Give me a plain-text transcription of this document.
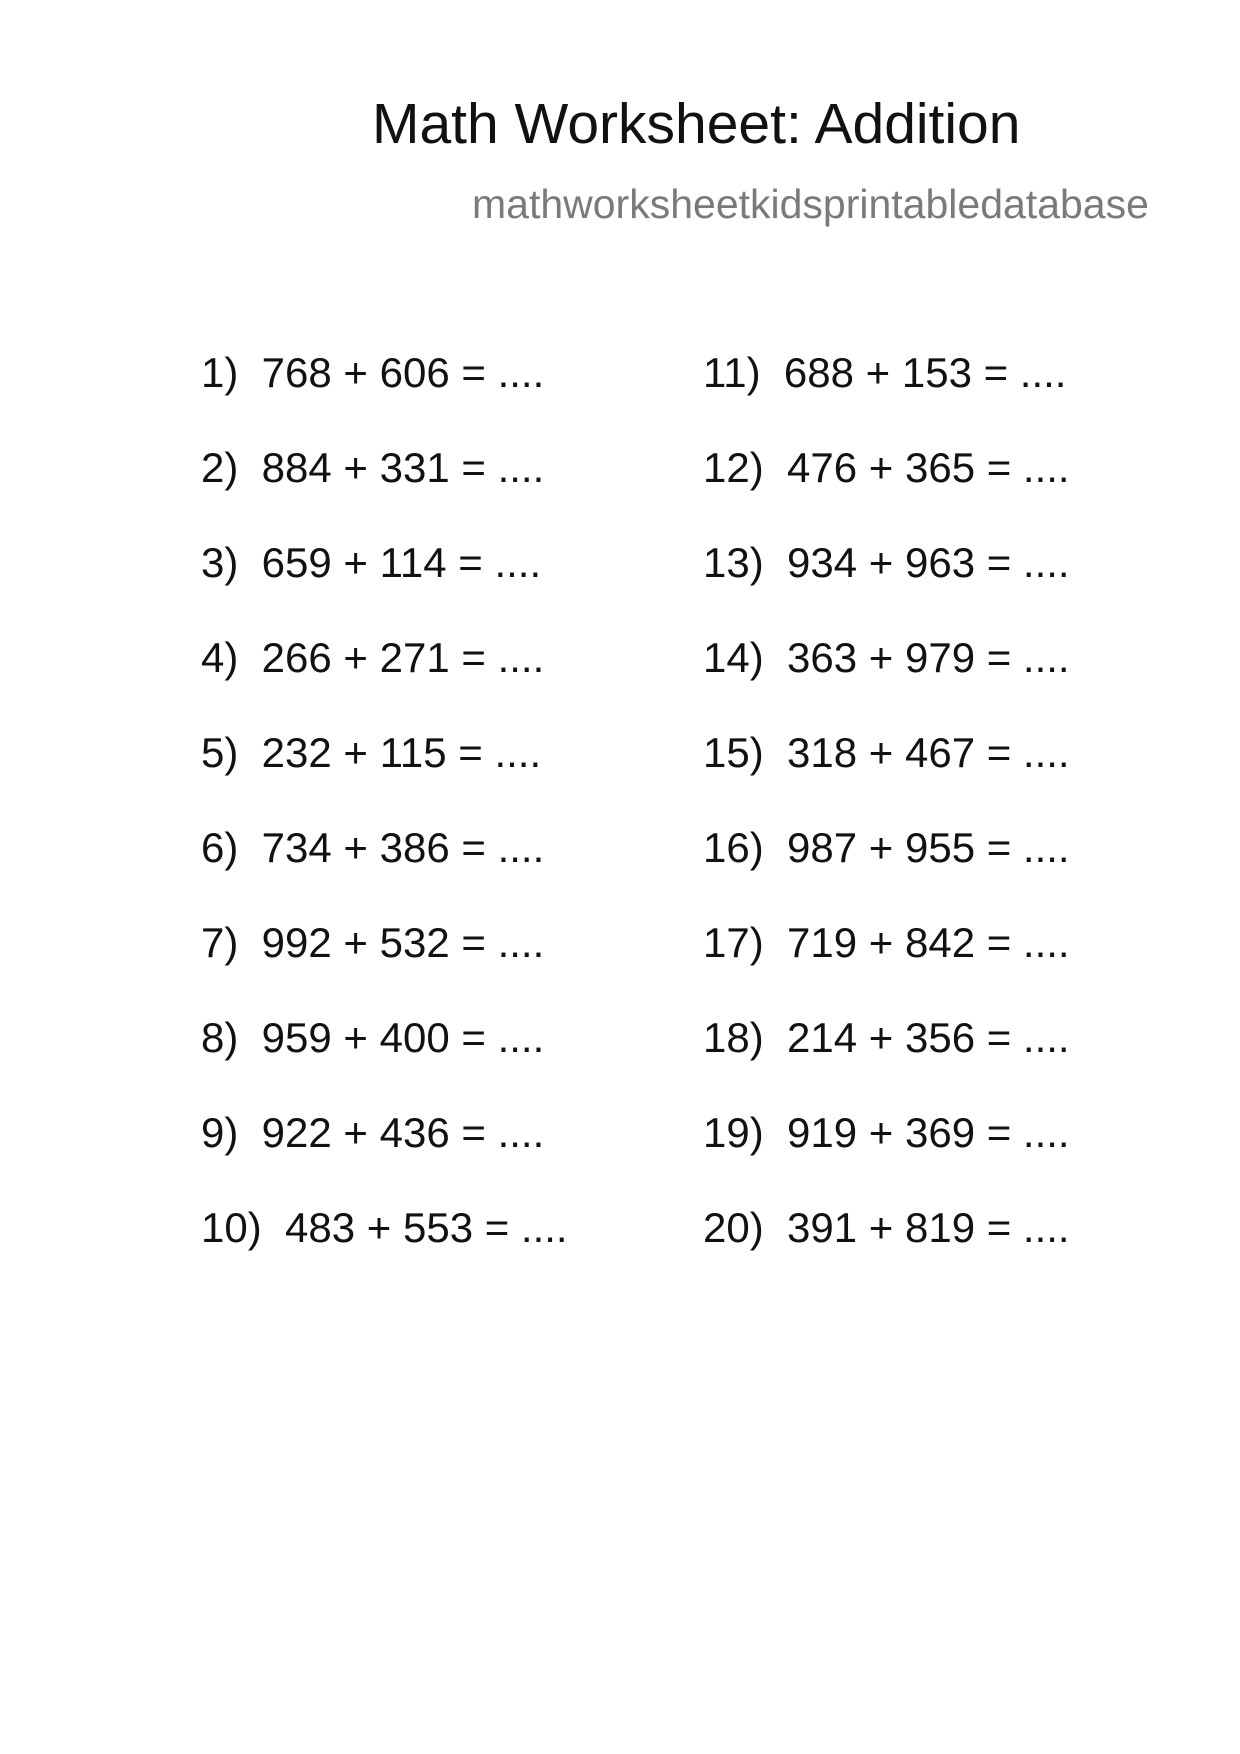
Math Worksheet: Addition
mathworksheetkidsprintabledatabase
1)  768 + 606 = ....
2)  884 + 331 = ....
3)  659 + 114 = ....
4)  266 + 271 = ....
5)  232 + 115 = ....
6)  734 + 386 = ....
7)  992 + 532 = ....
8)  959 + 400 = ....
9)  922 + 436 = ....
10)  483 + 553 = ....
11)  688 + 153 = ....
12)  476 + 365 = ....
13)  934 + 963 = ....
14)  363 + 979 = ....
15)  318 + 467 = ....
16)  987 + 955 = ....
17)  719 + 842 = ....
18)  214 + 356 = ....
19)  919 + 369 = ....
20)  391 + 819 = ....
